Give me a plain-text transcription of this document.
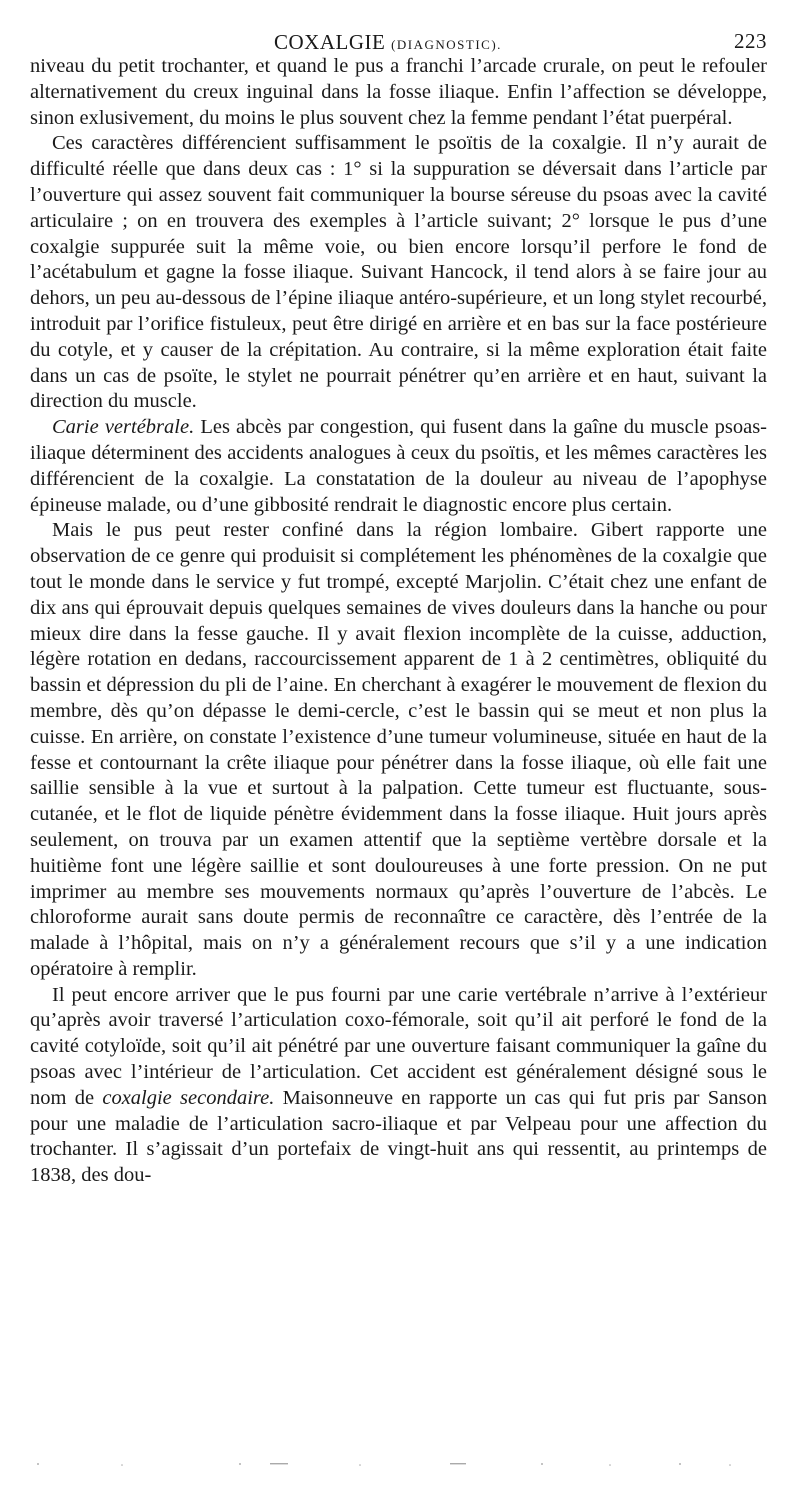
COXALGIE (DIAGNOSTIC).	223

niveau du petit trochanter, et quand le pus a franchi l’arcade crurale, on peut le refouler alternativement du creux inguinal dans la fosse iliaque. Enfin l’affection se développe, sinon exlusivement, du moins le plus souvent chez la femme pendant l’état puerpéral.

Ces caractères différencient suffisamment le psoïtis de la coxalgie. Il n’y aurait de difficulté réelle que dans deux cas : 1° si la suppuration se déversait dans l’article par l’ouverture qui assez souvent fait communiquer la bourse séreuse du psoas avec la cavité articulaire ; on en trouvera des exemples à l’article suivant; 2° lorsque le pus d’une coxalgie suppurée suit la même voie, ou bien encore lorsqu’il perfore le fond de l’acétabulum et gagne la fosse iliaque. Suivant Hancock, il tend alors à se faire jour au dehors, un peu au-dessous de l’épine iliaque antéro-supérieure, et un long stylet recourbé, introduit par l’orifice fistuleux, peut être dirigé en arrière et en bas sur la face postérieure du cotyle, et y causer de la crépitation. Au contraire, si la même exploration était faite dans un cas de psoïte, le stylet ne pourrait pénétrer qu’en arrière et en haut, suivant la direction du muscle.

Carie vertébrale. Les abcès par congestion, qui fusent dans la gaîne du muscle psoas-iliaque déterminent des accidents analogues à ceux du psoïtis, et les mêmes caractères les différencient de la coxalgie. La constatation de la douleur au niveau de l’apophyse épineuse malade, ou d’une gibbosité rendrait le diagnostic encore plus certain.

Mais le pus peut rester confiné dans la région lombaire. Gibert rapporte une observation de ce genre qui produisit si complétement les phénomènes de la coxalgie que tout le monde dans le service y fut trompé, excepté Marjolin. C’était chez une enfant de dix ans qui éprouvait depuis quelques semaines de vives douleurs dans la hanche ou pour mieux dire dans la fesse gauche. Il y avait flexion incomplète de la cuisse, adduction, légère rotation en dedans, raccourcissement apparent de 1 à 2 centimètres, obliquité du bassin et dépression du pli de l’aine. En cherchant à exagérer le mouvement de flexion du membre, dès qu’on dépasse le demi-cercle, c’est le bassin qui se meut et non plus la cuisse. En arrière, on constate l’existence d’une tumeur volumineuse, située en haut de la fesse et contournant la crête iliaque pour pénétrer dans la fosse iliaque, où elle fait une saillie sensible à la vue et surtout à la palpation. Cette tumeur est fluctuante, sous-cutanée, et le flot de liquide pénètre évidemment dans la fosse iliaque. Huit jours après seulement, on trouva par un examen attentif que la septième vertèbre dorsale et la huitième font une légère saillie et sont douloureuses à une forte pression. On ne put imprimer au membre ses mouvements normaux qu’après l’ouverture de l’abcès. Le chloroforme aurait sans doute permis de reconnaître ce caractère, dès l’entrée de la malade à l’hôpital, mais on n’y a généralement recours que s’il y a une indication opératoire à remplir.

Il peut encore arriver que le pus fourni par une carie vertébrale n’arrive à l’extérieur qu’après avoir traversé l’articulation coxo-fémorale, soit qu’il ait perforé le fond de la cavité cotyloïde, soit qu’il ait pénétré par une ouverture faisant communiquer la gaîne du psoas avec l’intérieur de l’articulation. Cet accident est généralement désigné sous le nom de coxalgie secondaire. Maisonneuve en rapporte un cas qui fut pris par Sanson pour une maladie de l’articulation sacro-iliaque et par Velpeau pour une affection du trochanter. Il s’agissait d’un portefaix de vingt-huit ans qui ressentit, au printemps de 1838, des dou-
